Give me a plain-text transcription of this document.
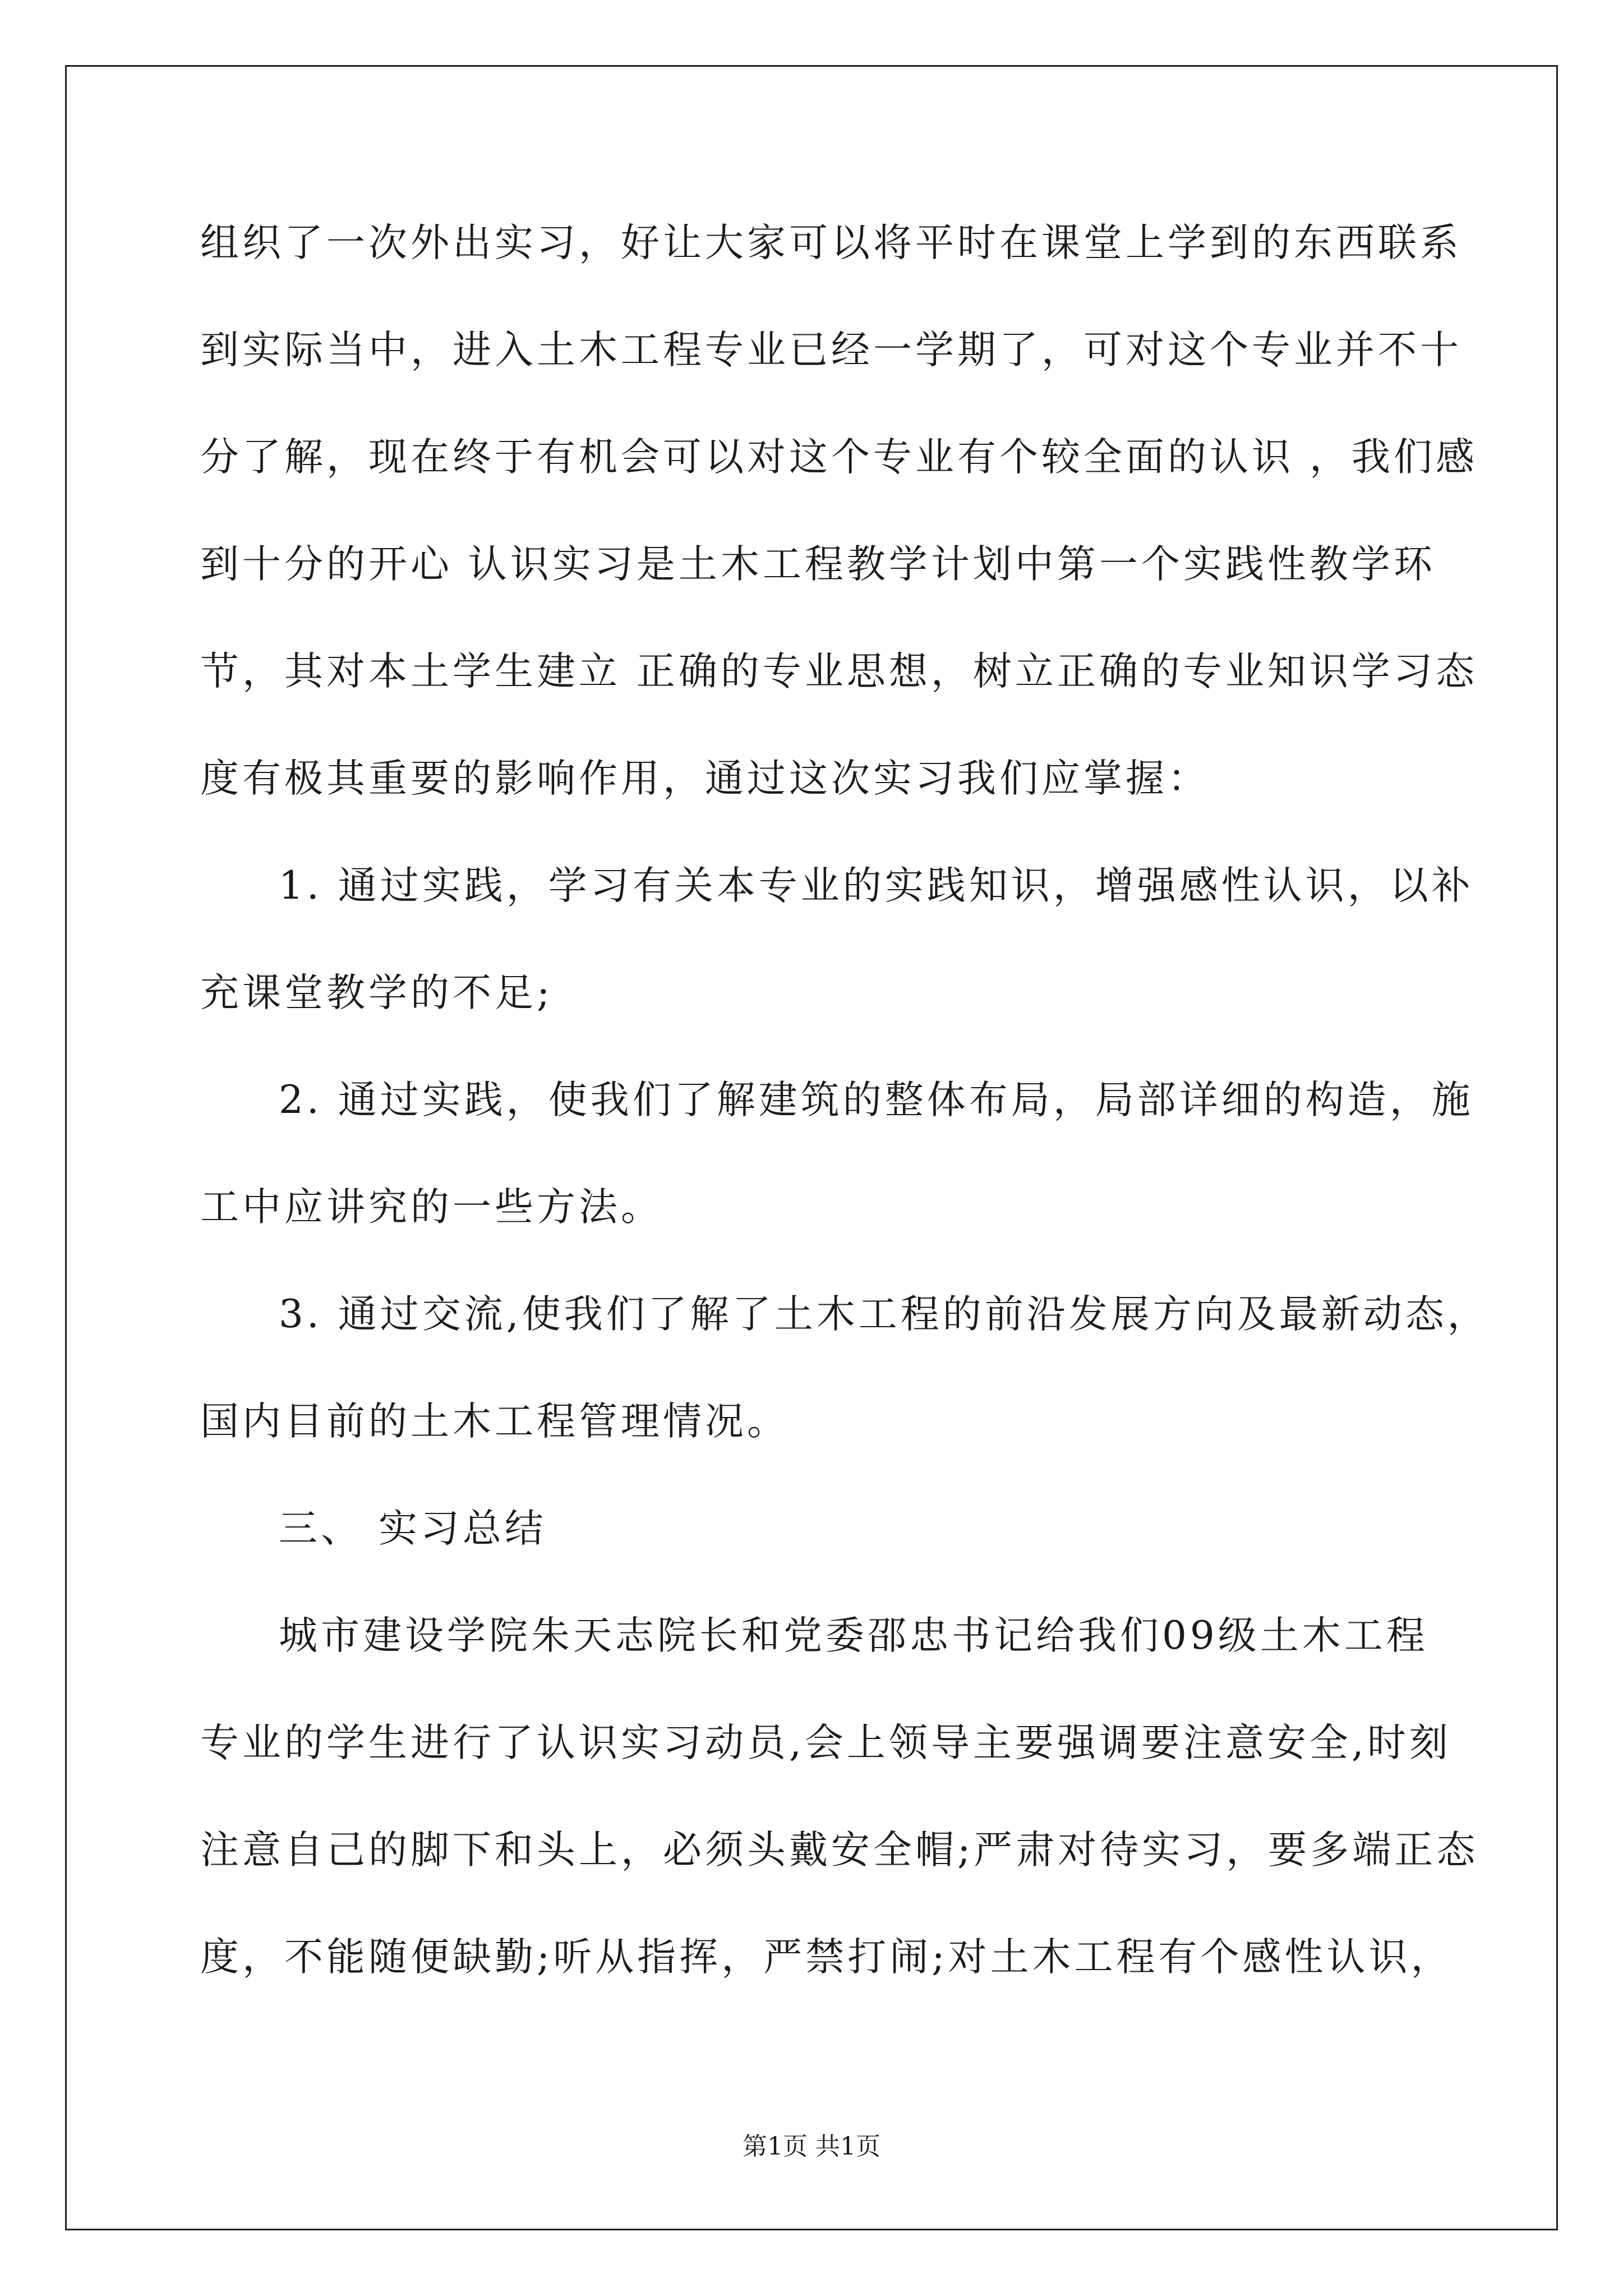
组织了一次外出实习，好让大家可以将平时在课堂上学到的东西联系
到实际当中，进入土木工程专业已经一学期了，可对这个专业并不十
分了解，现在终于有机会可以对这个专业有个较全面的认识 ，我们感
到十分的开心 认识实习是土木工程教学计划中第一个实践性教学环
节，其对本土学生建立 正确的专业思想，树立正确的专业知识学习态
度有极其重要的影响作用，通过这次实习我们应掌握：
1. 通过实践，学习有关本专业的实践知识，增强感性认识，以补
充课堂教学的不足;
2. 通过实践，使我们了解建筑的整体布局，局部详细的构造，施
工中应讲究的一些方法。
3. 通过交流,使我们了解了土木工程的前沿发展方向及最新动态，
国内目前的土木工程管理情况。
三、 实习总结
城市建设学院朱天志院长和党委邵忠书记给我们09级土木工程
专业的学生进行了认识实习动员,会上领导主要强调要注意安全,时刻
注意自己的脚下和头上，必须头戴安全帽;严肃对待实习，要多端正态
度，不能随便缺勤;听从指挥，严禁打闹;对土木工程有个感性认识，
第1页 共1页
